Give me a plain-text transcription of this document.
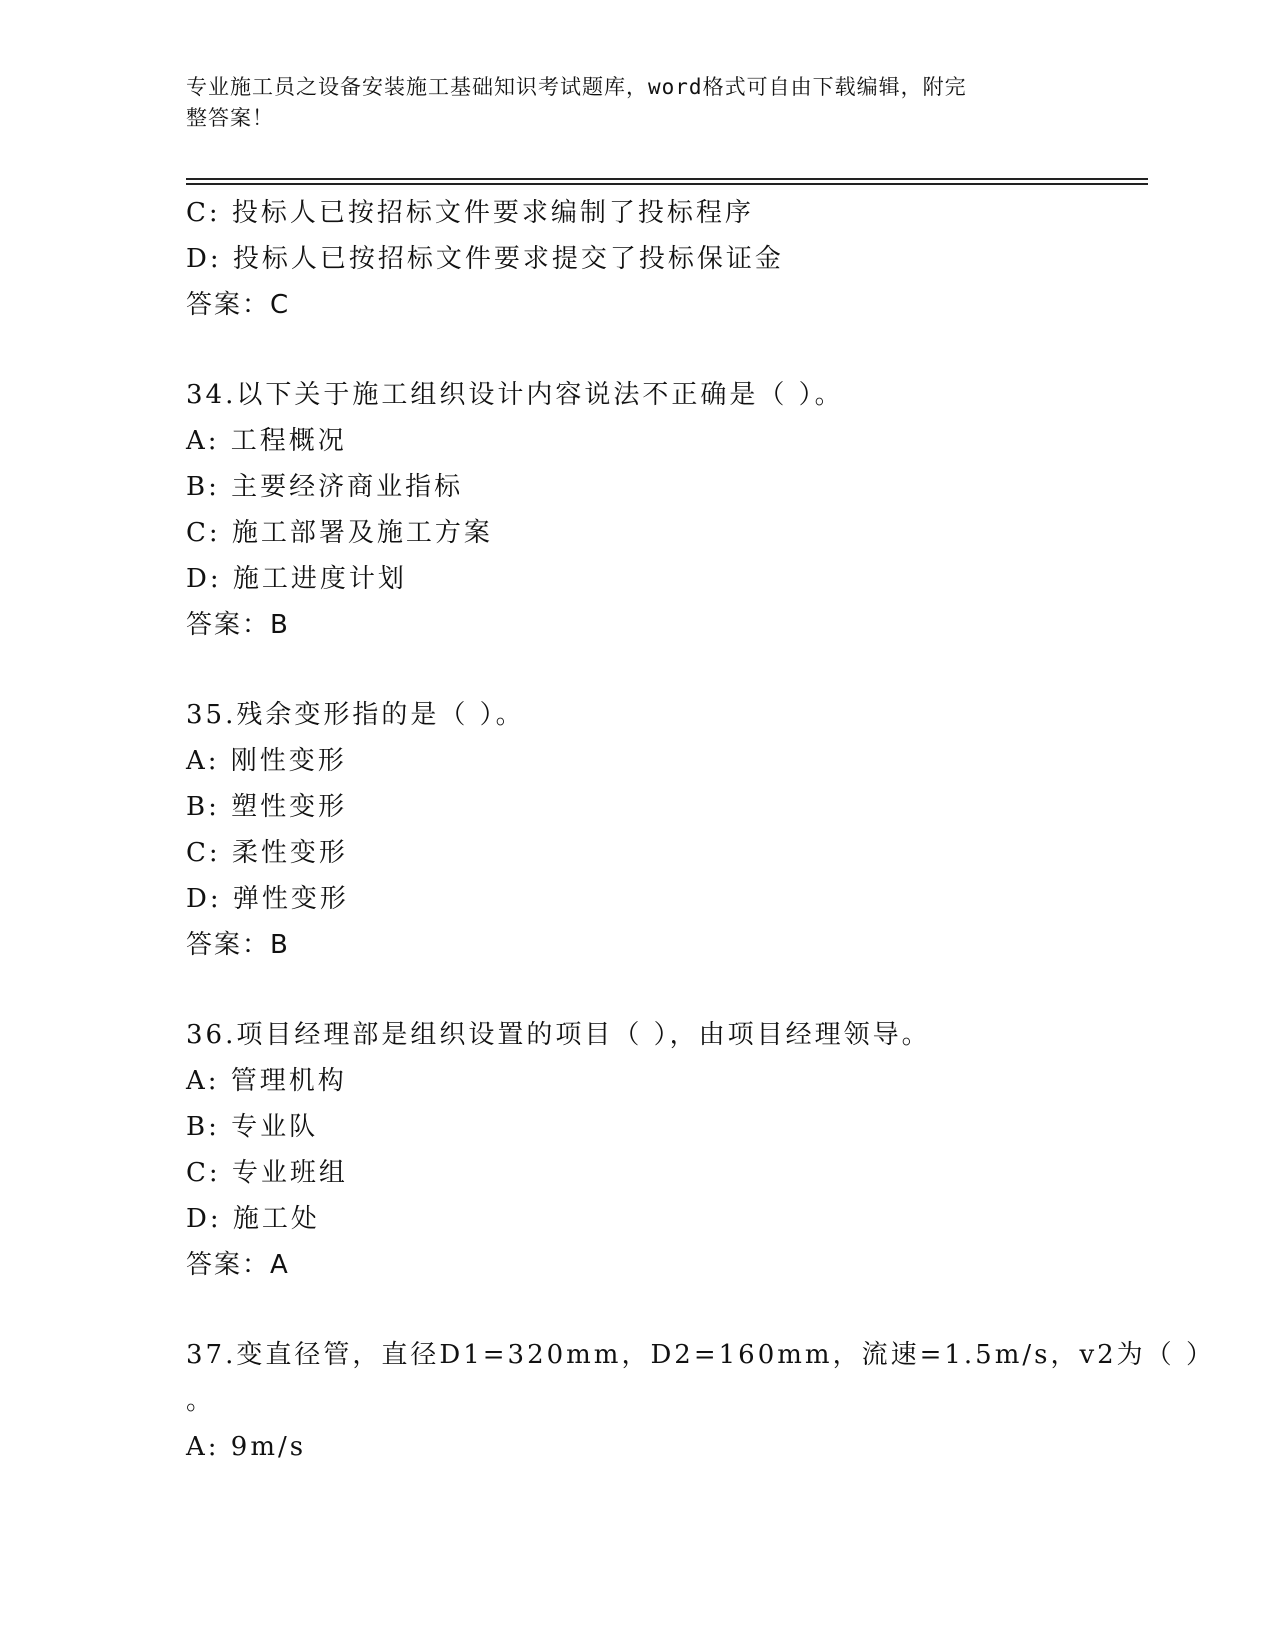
专业施工员之设备安装施工基础知识考试题库，word格式可自由下载编辑，附完
整答案！
C: 投标人已按招标文件要求编制了投标程序
D: 投标人已按招标文件要求提交了投标保证金
答案：C
34.以下关于施工组织设计内容说法不正确是（ ）。
A: 工程概况
B: 主要经济商业指标
C: 施工部署及施工方案
D: 施工进度计划
答案：B
35.残余变形指的是（ ）。
A: 刚性变形
B: 塑性变形
C: 柔性变形
D: 弹性变形
答案：B
36.项目经理部是组织设置的项目（ ），由项目经理领导。
A: 管理机构
B: 专业队
C: 专业班组
D: 施工处
答案：A
37.变直径管，直径D1=320mm，D2=160mm，流速=1.5m/s，v2为（ ）
。
A: 9m/s
